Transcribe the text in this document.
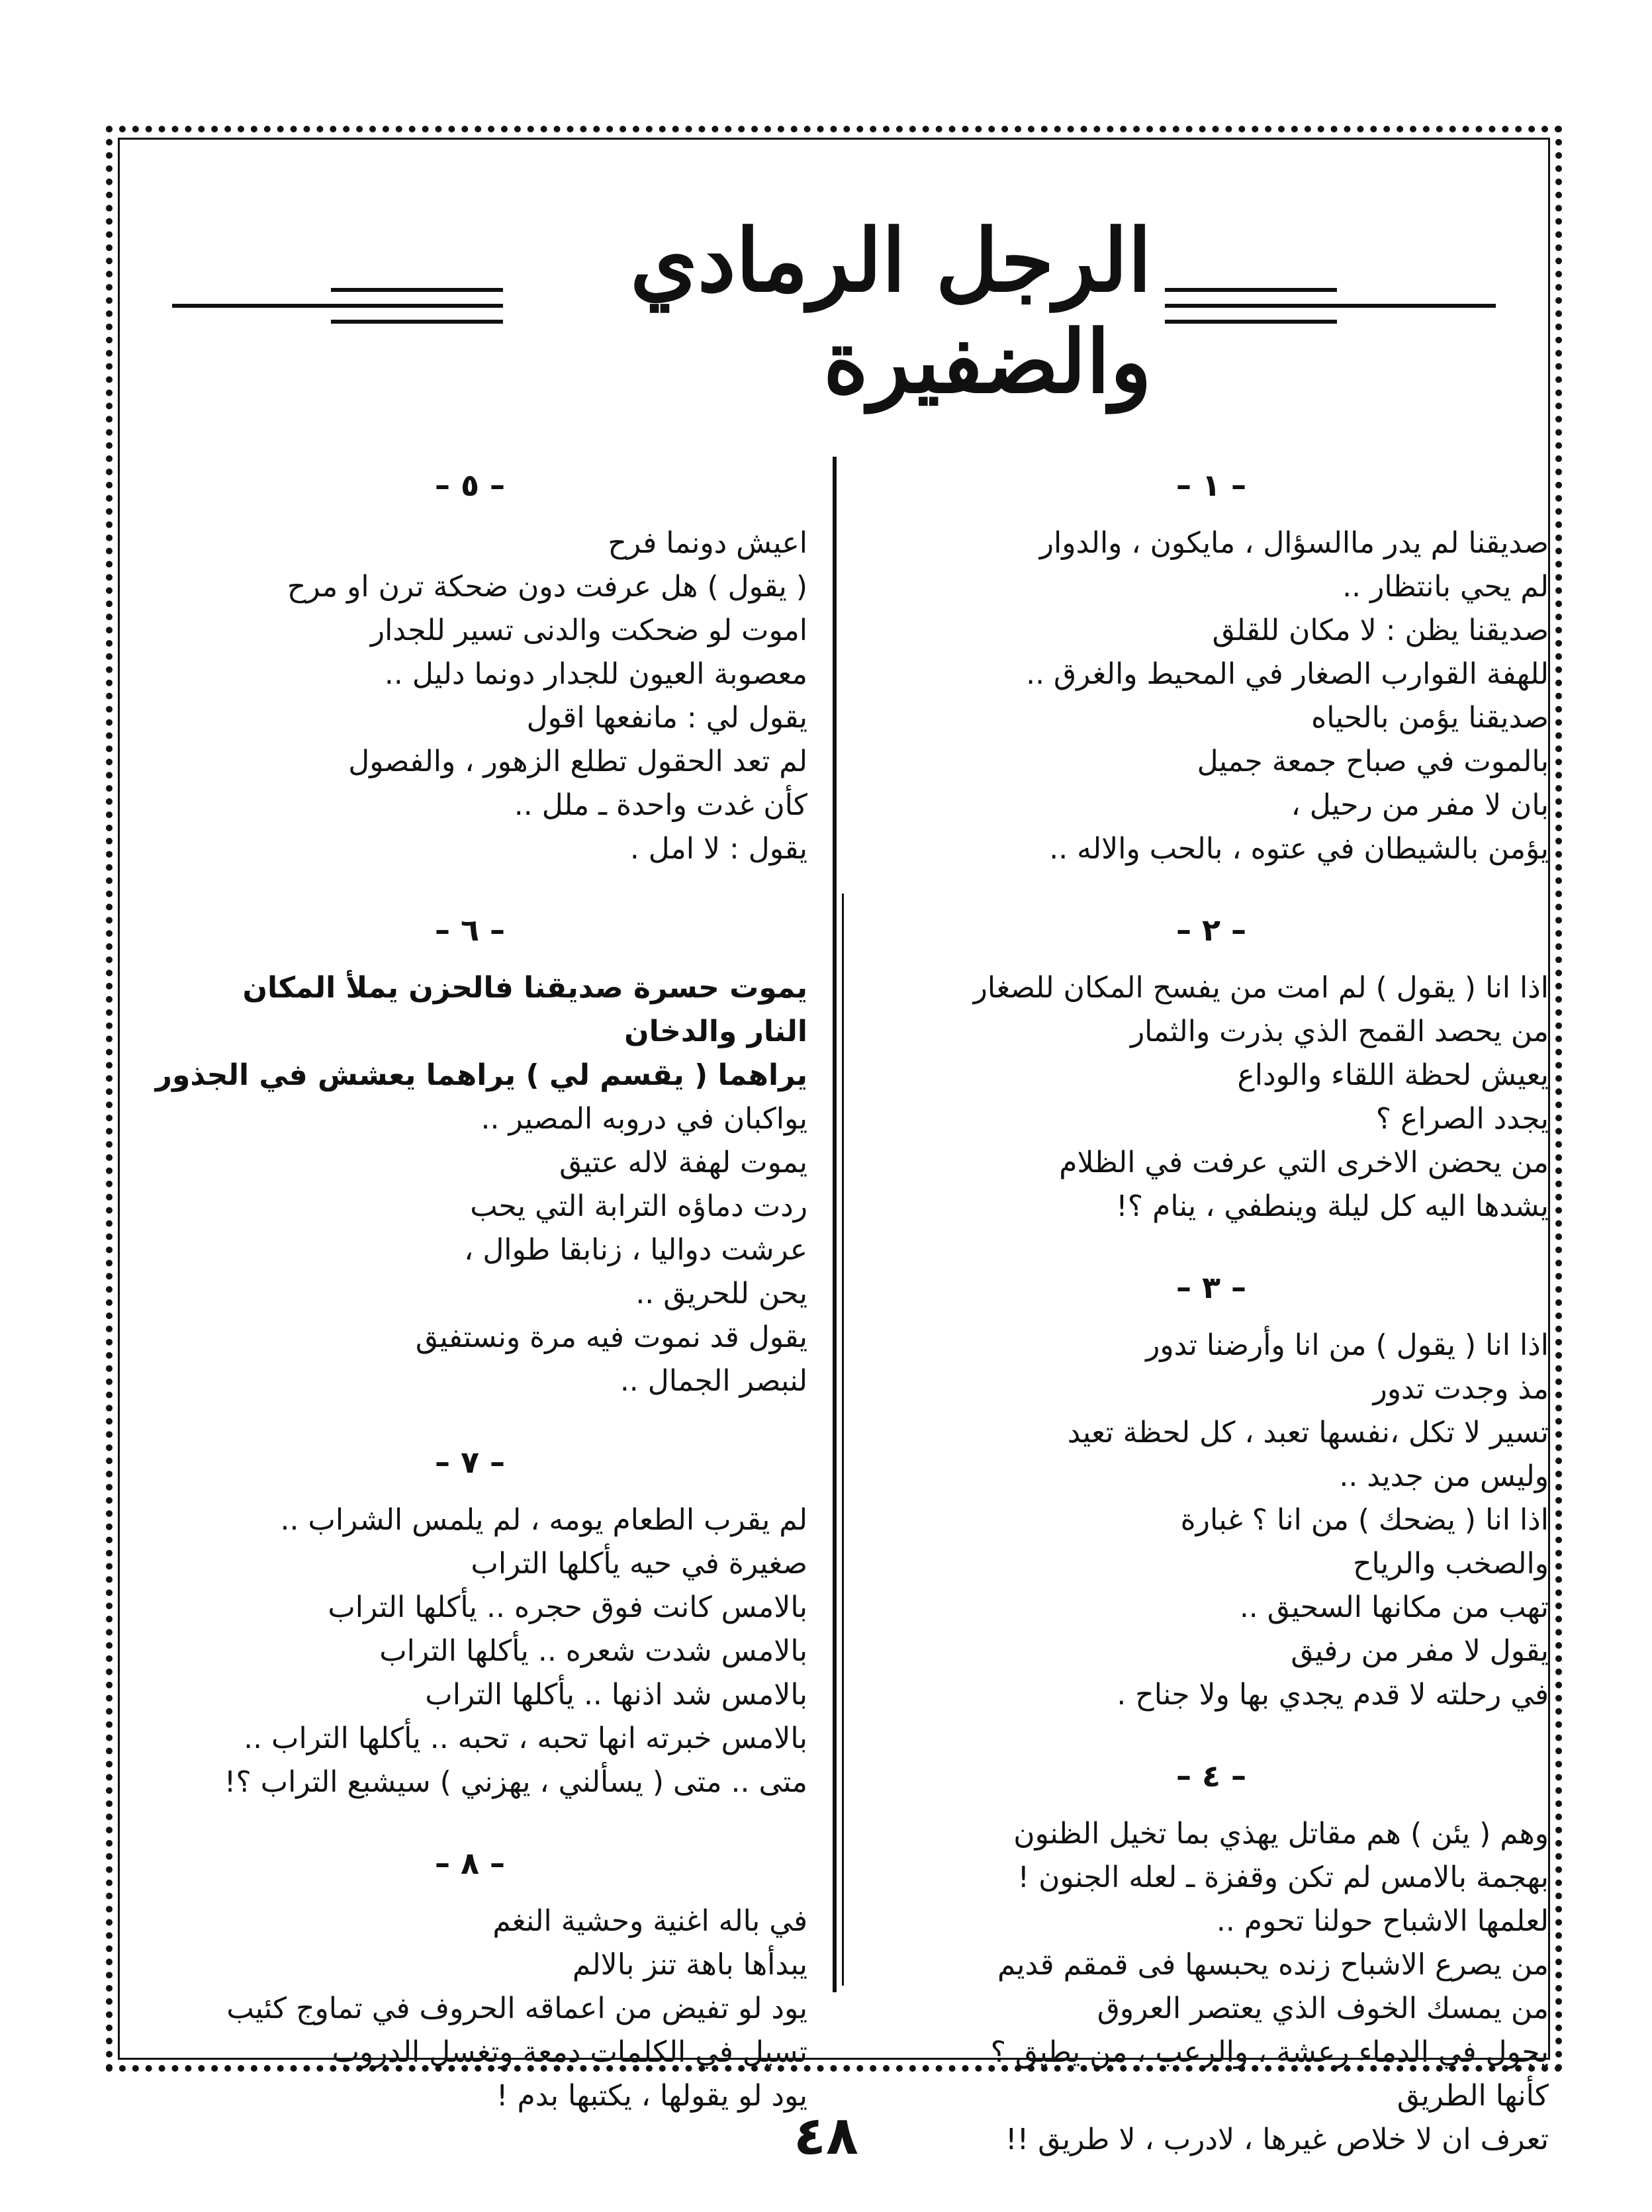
الرجل الرمادي والضفيرة
– ١ –
صديقنا لم يدر ماالسؤال ، مايكون ، والدوار
لم يحي بانتظار ..
صديقنا يظن : لا مكان للقلق
للهفة القوارب الصغار في المحيط والغرق ..
صديقنا يؤمن بالحياه
بالموت في صباح جمعة جميل
بان لا مفر من رحيل ،
يؤمن بالشيطان في عتوه ، بالحب والاله ..
– ٢ –
اذا انا ( يقول ) لم امت من يفسح المكان للصغار
من يحصد القمح الذي بذرت والثمار
يعيش لحظة اللقاء والوداع
يجدد الصراع ؟
من يحضن الاخرى التي عرفت في الظلام
يشدها اليه كل ليلة وينطفي ، ينام ؟!
– ٣ –
اذا انا ( يقول ) من انا وأرضنا تدور
مذ وجدت تدور
تسير لا تكل ،نفسها تعبد ، كل لحظة تعيد
وليس من جديد ..
اذا انا ( يضحك ) من انا ؟ غبارة
والصخب والرياح
تهب من مكانها السحيق ..
يقول لا مفر من رفيق
في رحلته لا قدم يجدي بها ولا جناح .
– ٤ –
وهم ( يئن ) هم مقاتل يهذي بما تخيل الظنون
بهجمة بالامس لم تكن وقفزة ـ لعله الجنون !
لعلمها الاشباح حولنا تحوم ..
من يصرع الاشباح زنده يحبسها فى قمقم قديم
من يمسك الخوف الذي يعتصر العروق
يجول في الدماء رعشة ، والرعب ، من يطيق ؟
كأنها الطريق
تعرف ان لا خلاص غيرها ، لادرب ، لا طريق !!
– ٥ –
اعيش دونما فرح
( يقول ) هل عرفت دون ضحكة ترن او مرح
اموت لو ضحكت والدنى تسير للجدار
معصوبة العيون للجدار دونما دليل ..
يقول لي : مانفعها اقول
لم تعد الحقول تطلع الزهور ، والفصول
كأن غدت واحدة ـ ملل ..
يقول : لا امل .
– ٦ –
يموت حسرة صديقنا فالحزن يملأ المكان
النار والدخان
يراهما ( يقسم لي ) يراهما يعشش في الجذور
يواكبان في دروبه المصير ..
يموت لهفة لاله عتيق
ردت دماؤه الترابة التي يحب
عرشت دواليا ، زنابقا طوال ،
يحن للحريق ..
يقول قد نموت فيه مرة ونستفيق
لنبصر الجمال ..
– ٧ –
لم يقرب الطعام يومه ، لم يلمس الشراب ..
صغيرة في حيه يأكلها التراب
بالامس كانت فوق حجره .. يأكلها التراب
بالامس شدت شعره .. يأكلها التراب
بالامس شد اذنها .. يأكلها التراب
بالامس خبرته انها تحبه ، تحبه .. يأكلها التراب ..
متى .. متى ( يسألني ، يهزني ) سيشبع التراب ؟!
– ٨ –
في باله اغنية وحشية النغم
يبدأها باهة تنز بالالم
يود لو تفيض من اعماقه الحروف في تماوج كئيب
تسيل في الكلمات دمعة وتغسل الدروب
يود لو يقولها ، يكتبها بدم !
٤٨
